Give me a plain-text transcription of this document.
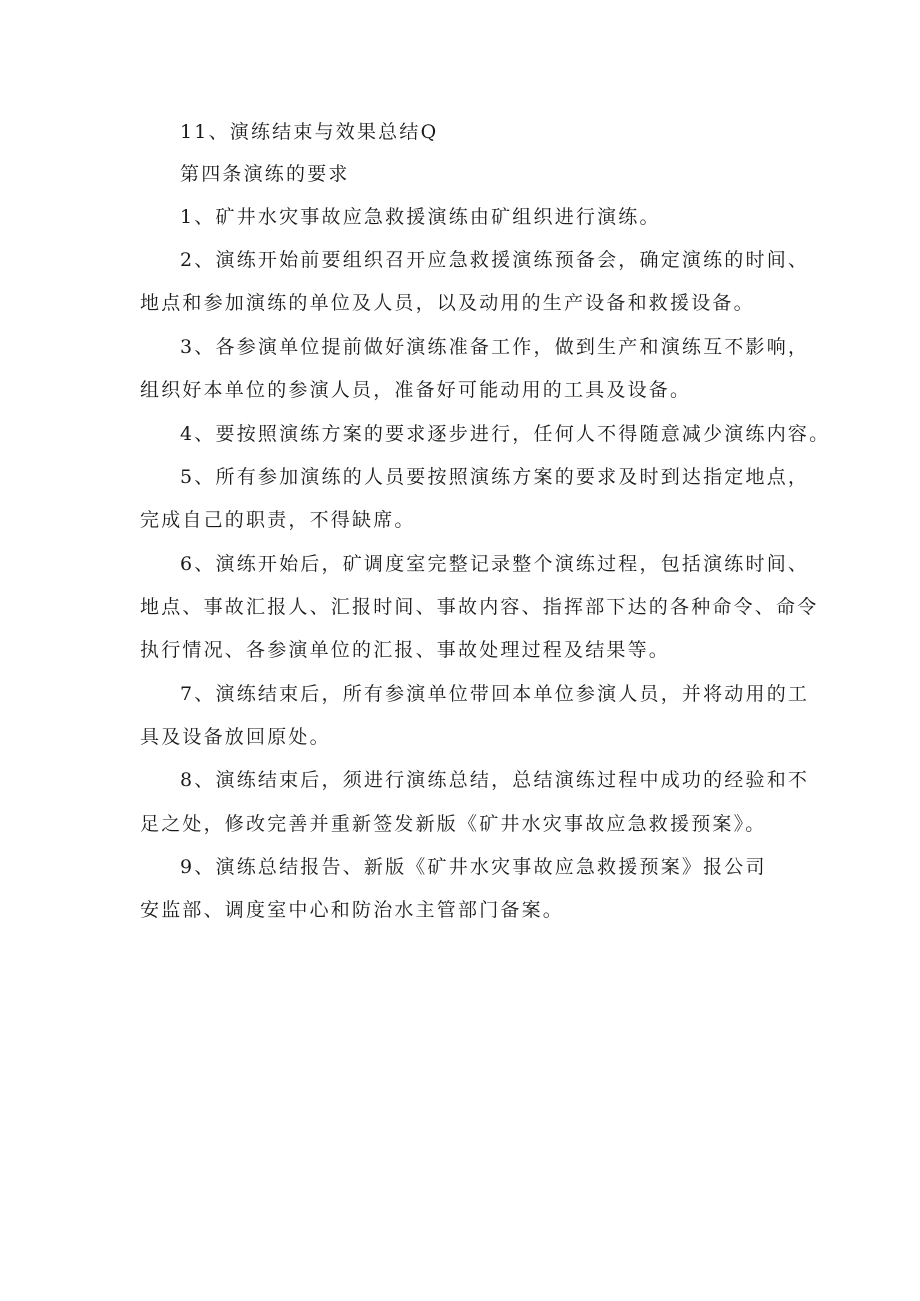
11、演练结束与效果总结Q
第四条演练的要求
1、矿井水灾事故应急救援演练由矿组织进行演练。
2、演练开始前要组织召开应急救援演练预备会，确定演练的时间、
地点和参加演练的单位及人员，以及动用的生产设备和救援设备。
3、各参演单位提前做好演练准备工作，做到生产和演练互不影响，
组织好本单位的参演人员，准备好可能动用的工具及设备。
4、要按照演练方案的要求逐步进行，任何人不得随意减少演练内容。
5、所有参加演练的人员要按照演练方案的要求及时到达指定地点，
完成自己的职责，不得缺席。
6、演练开始后，矿调度室完整记录整个演练过程，包括演练时间、
地点、事故汇报人、汇报时间、事故内容、指挥部下达的各种命令、命令
执行情况、各参演单位的汇报、事故处理过程及结果等。
7、演练结束后，所有参演单位带回本单位参演人员，并将动用的工
具及设备放回原处。
8、演练结束后，须进行演练总结，总结演练过程中成功的经验和不
足之处，修改完善并重新签发新版《矿井水灾事故应急救援预案》。
9、演练总结报告、新版《矿井水灾事故应急救援预案》报公司
安监部、调度室中心和防治水主管部门备案。
